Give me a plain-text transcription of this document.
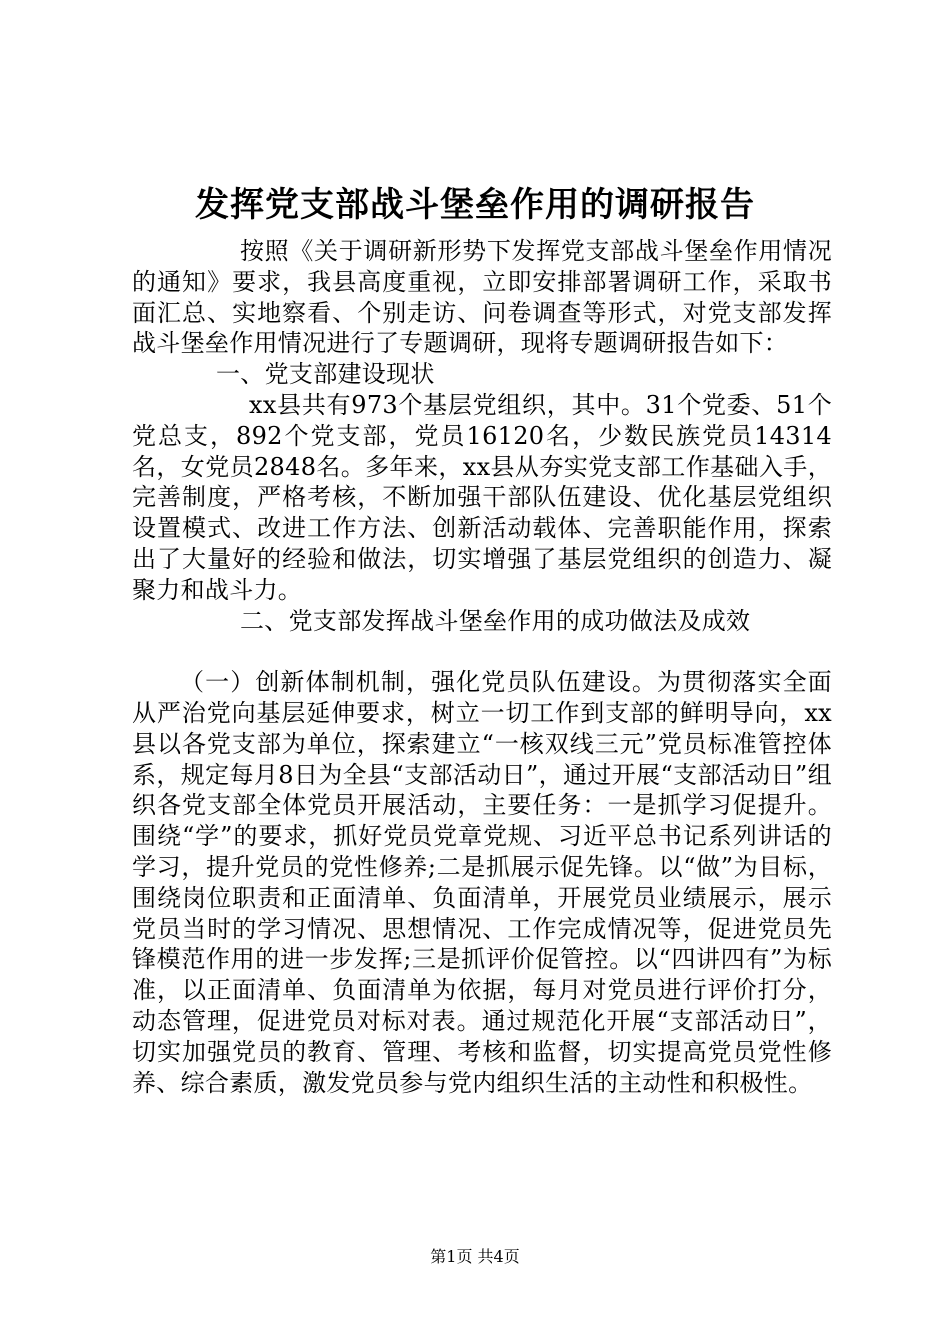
发挥党支部战斗堡垒作用的调研报告

按照《关于调研新形势下发挥党支部战斗堡垒作用情况的通知》要求，我县高度重视，立即安排部署调研工作，采取书面汇总、实地察看、个别走访、问卷调查等形式，对党支部发挥战斗堡垒作用情况进行了专题调研，现将专题调研报告如下：

一、党支部建设现状

xx县共有973个基层党组织，其中。31个党委、51个党总支，892个党支部，党员16120名，少数民族党员14314名，女党员2848名。多年来，xx县从夯实党支部工作基础入手，完善制度，严格考核，不断加强干部队伍建设、优化基层党组织设置模式、改进工作方法、创新活动载体、完善职能作用，探索出了大量好的经验和做法，切实增强了基层党组织的创造力、凝聚力和战斗力。

二、党支部发挥战斗堡垒作用的成功做法及成效

（一）创新体制机制，强化党员队伍建设。为贯彻落实全面从严治党向基层延伸要求，树立一切工作到支部的鲜明导向，xx县以各党支部为单位，探索建立“一核双线三元”党员标准管控体系，规定每月8日为全县“支部活动日”，通过开展“支部活动日”组织各党支部全体党员开展活动，主要任务：一是抓学习促提升。围绕“学”的要求，抓好党员党章党规、习近平总书记系列讲话的学习，提升党员的党性修养;二是抓展示促先锋。以“做”为目标，围绕岗位职责和正面清单、负面清单，开展党员业绩展示，展示党员当时的学习情况、思想情况、工作完成情况等，促进党员先锋模范作用的进一步发挥;三是抓评价促管控。以“四讲四有”为标准，以正面清单、负面清单为依据，每月对党员进行评价打分，动态管理，促进党员对标对表。通过规范化开展“支部活动日”，切实加强党员的教育、管理、考核和监督，切实提高党员党性修养、综合素质，激发党员参与党内组织生活的主动性和积极性。

第1页 共4页
